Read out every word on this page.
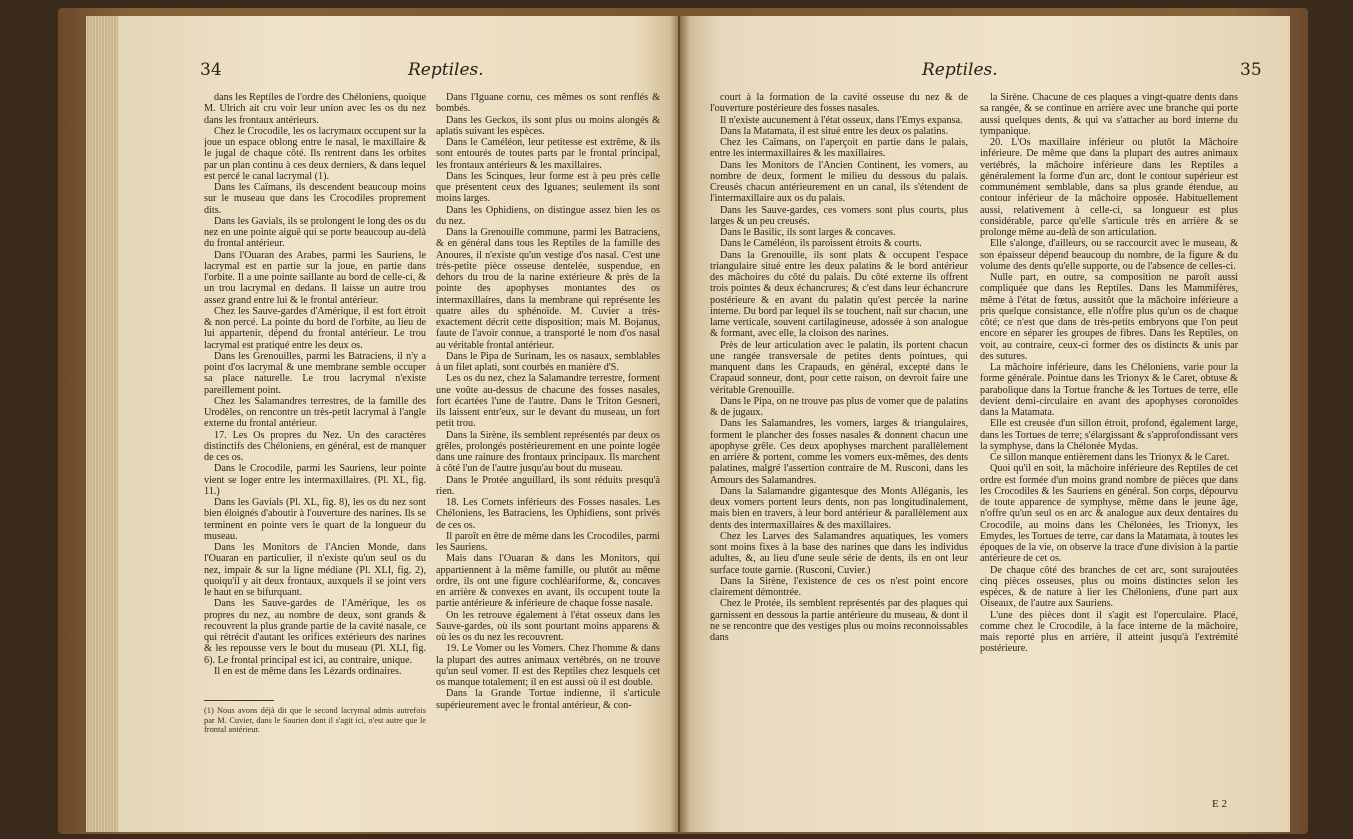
34	Reptiles.

dans les Reptiles de l'ordre des Chéloniens, quoique M. Ulrich ait cru voir leur union avec les os du nez dans les frontaux antérieurs.

Chez le Crocodile, les os lacrymaux occupent sur la joue un espace oblong entre le nasal, le maxillaire & le jugal de chaque côté. Ils rentrent dans les orbites par un plan continu à ces deux derniers, & dans lequel est percé le canal lacrymal (1).

Dans les Caïmans, ils descendent beaucoup moins sur le museau que dans les Crocodiles proprement dits.

Dans les Gavials, ils se prolongent le long des os du nez en une pointe aiguë qui se porte beaucoup au-delà du frontal antérieur.

Dans l'Ouaran des Arabes, parmi les Sauriens, le lacrymal est en partie sur la joue, en partie dans l'orbite. Il a une pointe saillante au bord de celle-ci, & un trou lacrymal en dedans. Il laisse un autre trou assez grand entre lui & le frontal antérieur.

Chez les Sauve-gardes d'Amérique, il est fort étroit & non percé. La pointe du bord de l'orbite, au lieu de lui appartenir, dépend du frontal antérieur. Le trou lacrymal est pratiqué entre les deux os.

Dans les Grenouilles, parmi les Batraciens, il n'y a point d'os lacrymal & une membrane semble occuper sa place naturelle. Le trou lacrymal n'existe pareillement point.

Chez les Salamandres terrestres, de la famille des Urodèles, on rencontre un très-petit lacrymal à l'angle externe du frontal antérieur.

17. Les Os propres du Nez. Un des caractères distinctifs des Chéloniens, en général, est de manquer de ces os.

Dans le Crocodile, parmi les Sauriens, leur pointe vient se loger entre les intermaxillaires. (Pl. XL, fig. 11.)

Dans les Gavials (Pl. XL, fig. 8), les os du nez sont bien éloignés d'aboutir à l'ouverture des narines. Ils se terminent en pointe vers le quart de la longueur du museau.

Dans les Monitors de l'Ancien Monde, dans l'Ouaran en particulier, il n'existe qu'un seul os du nez, impair & sur la ligne médiane (Pl. XLI, fig. 2), quoiqu'il y ait deux frontaux, auxquels il se joint vers le haut en se bifurquant.

Dans les Sauve-gardes de l'Amérique, les os propres du nez, au nombre de deux, sont grands & recouvrent la plus grande partie de la cavité nasale, ce qui rétrécit d'autant les orifices extérieurs des narines & les repousse vers le bout du museau (Pl. XLI, fig. 6). Le frontal principal est ici, au contraire, unique.

Il en est de même dans les Lézards ordinaires.

(1) Nous avons déjà dit que le second lacrymal admis autrefois par M. Cuvier, dans le Saurien dont il s'agit ici, n'est autre que le frontal antérieur.

Dans l'Iguane cornu, ces mêmes os sont renflés & bombés.

Dans les Geckos, ils sont plus ou moins alongés & aplatis suivant les espèces.

Dans le Caméléon, leur petitesse est extrême, & ils sont entourés de toutes parts par le frontal principal, les frontaux antérieurs & les maxillaires.

Dans les Scinques, leur forme est à peu près celle que présentent ceux des Iguanes; seulement ils sont moins larges.

Dans les Ophidiens, on distingue assez bien les os du nez.

Dans la Grenouille commune, parmi les Batraciens, & en général dans tous les Reptiles de la famille des Anoures, il n'existe qu'un vestige d'os nasal. C'est une très-petite pièce osseuse dentelée, suspendue, en dehors du trou de la narine extérieure & près de la pointe des apophyses montantes des os intermaxillaires, dans la membrane qui représente les quatre ailes du sphénoïde. M. Cuvier a très-exactement décrit cette disposition; mais M. Bojanus, faute de l'avoir connue, a transporté le nom d'os nasal au véritable frontal antérieur.

Dans le Pipa de Surinam, les os nasaux, semblables à un filet aplati, sont courbés en manière d'S.

Les os du nez, chez la Salamandre terrestre, forment une voûte au-dessus de chacune des fosses nasales, fort écartées l'une de l'autre. Dans le Triton Gesneri, ils laissent entr'eux, sur le devant du museau, un fort petit trou.

Dans la Sirène, ils semblent représentés par deux os grêles, prolongés postérieurement en une pointe logée dans une rainure des frontaux principaux. Ils marchent à côté l'un de l'autre jusqu'au bout du museau.

Dans le Protée anguillard, ils sont réduits presqu'à rien.

18. Les Cornets inférieurs des Fosses nasales. Les Chéloniens, les Batraciens, les Ophidiens, sont privés de ces os.

Il paroît en être de même dans les Crocodiles, parmi les Sauriens.

Mais dans l'Ouaran & dans les Monitors, qui appartiennent à la même famille, ou plutôt au même ordre, ils ont une figure cochléariforme, &, concaves en arrière & convexes en avant, ils occupent toute la partie antérieure & inférieure de chaque fosse nasale.

On les retrouve également à l'état osseux dans les Sauve-gardes, où ils sont pourtant moins apparens & où les os du nez les recouvrent.

19. Le Vomer ou les Vomers. Chez l'homme & dans la plupart des autres animaux vertébrés, on ne trouve qu'un seul vomer. Il est des Reptiles chez lesquels cet os manque totalement; il en est aussi où il est double.

Dans la Grande Tortue indienne, il s'articule supérieurement avec le frontal antérieur, & con-

Reptiles.	35

court à la formation de la cavité osseuse du nez & de l'ouverture postérieure des fosses nasales.

Il n'existe aucunement à l'état osseux, dans l'Emys expansa.

Dans la Matamata, il est situé entre les deux os palatins.

Chez les Caïmans, on l'aperçoit en partie dans le palais, entre les intermaxillaires & les maxillaires.

Dans les Monitors de l'Ancien Continent, les vomers, au nombre de deux, forment le milieu du dessous du palais. Creusés chacun antérieurement en un canal, ils s'étendent de l'intermaxillaire aux os du palais.

Dans les Sauve-gardes, ces vomers sont plus courts, plus larges & un peu creusés.

Dans le Basilic, ils sont larges & concaves.

Dans le Caméléon, ils paroissent étroits & courts.

Dans la Grenouille, ils sont plats & occupent l'espace triangulaire situé entre les deux palatins & le bord antérieur des mâchoires du côté du palais. Du côté externe ils offrent trois pointes & deux échancrures; & c'est dans leur échancrure postérieure & en avant du palatin qu'est percée la narine interne. Du bord par lequel ils se touchent, naît sur chacun, une lame verticale, souvent cartilagineuse, adossée à son analogue & formant, avec elle, la cloison des narines.

Près de leur articulation avec le palatin, ils portent chacun une rangée transversale de petites dents pointues, qui manquent dans les Crapauds, en général, excepté dans le Crapaud sonneur, dont, pour cette raison, on devroit faire une véritable Grenouille.

Dans le Pipa, on ne trouve pas plus de vomer que de palatins & de jugaux.

Dans les Salamandres, les vomers, larges & triangulaires, forment le plancher des fosses nasales & donnent chacun une apophyse grêle. Ces deux apophyses marchent parallèlement en arrière & portent, comme les vomers eux-mêmes, des dents palatines, malgré l'assertion contraire de M. Rusconi, dans les Amours des Salamandres.

Dans la Salamandre gigantesque des Monts Alléganis, les deux vomers portent leurs dents, non pas longitudinalement, mais bien en travers, à leur bord antérieur & parallèlement aux dents des intermaxillaires & des maxillaires.

Chez les Larves des Salamandres aquatiques, les vomers sont moins fixes à la base des narines que dans les individus adultes, &, au lieu d'une seule série de dents, ils en ont leur surface toute garnie. (Rusconi, Cuvier.)

Dans la Sirène, l'existence de ces os n'est point encore clairement démontrée.

Chez le Protée, ils semblent représentés par des plaques qui garnissent en dessous la partie antérieure du museau, & dont il ne se rencontre que des vestiges plus ou moins reconnoissables dans

la Sirène. Chacune de ces plaques a vingt-quatre dents dans sa rangée, & se continue en arrière avec une branche qui porte aussi quelques dents, & qui va s'attacher au bord interne du tympanique.

20. L'Os maxillaire inférieur ou plutôt la Mâchoire inférieure. De même que dans la plupart des autres animaux vertébrés, la mâchoire inférieure dans les Reptiles a généralement la forme d'un arc, dont le contour supérieur est communément semblable, dans sa plus grande étendue, au contour inférieur de la mâchoire opposée. Habituellement aussi, relativement à celle-ci, sa longueur est plus considérable, parce qu'elle s'articule très en arrière & se prolonge même au-delà de son articulation.

Elle s'alonge, d'ailleurs, ou se raccourcit avec le museau, & son épaisseur dépend beaucoup du nombre, de la figure & du volume des dents qu'elle supporte, ou de l'absence de celles-ci.

Nulle part, en outre, sa composition ne paroît aussi compliquée que dans les Reptiles. Dans les Mammifères, même à l'état de fœtus, aussitôt que la mâchoire inférieure a pris quelque consistance, elle n'offre plus qu'un os de chaque côté; ce n'est que dans de très-petits embryons que l'on peut encore en séparer les groupes de fibres. Dans les Reptiles, on voit, au contraire, ceux-ci former des os distincts & unis par des sutures.

La mâchoire inférieure, dans les Chéloniens, varie pour la forme générale. Pointue dans les Trionyx & le Caret, obtuse & parabolique dans la Tortue franche & les Tortues de terre, elle devient demi-circulaire en avant des apophyses coronoïdes dans la Matamata.

Elle est creusée d'un sillon étroit, profond, également large, dans les Tortues de terre; s'élargissant & s'approfondissant vers la symphyse, dans la Chélonée Mydas.

Ce sillon manque entièrement dans les Trionyx & le Caret.

Quoi qu'il en soit, la mâchoire inférieure des Reptiles de cet ordre est formée d'un moins grand nombre de pièces que dans les Crocodiles & les Sauriens en général. Son corps, dépourvu de toute apparence de symphyse, même dans le jeune âge, n'offre qu'un seul os en arc & analogue aux deux dentaires du Crocodile, au moins dans les Chélonées, les Trionyx, les Emydes, les Tortues de terre, car dans la Matamata, à toutes les époques de la vie, on observe la trace d'une division à la partie antérieure de cet os.

De chaque côté des branches de cet arc, sont surajoutées cinq pièces osseuses, plus ou moins distinctes selon les espèces, & de nature à lier les Chéloniens, d'une part aux Oiseaux, de l'autre aux Sauriens.

L'une des pièces dont il s'agit est l'operculaire. Placé, comme chez le Crocodile, à la face interne de la mâchoire, mais reporté plus en arrière, il atteint jusqu'à l'extrémité postérieure.

E 2
